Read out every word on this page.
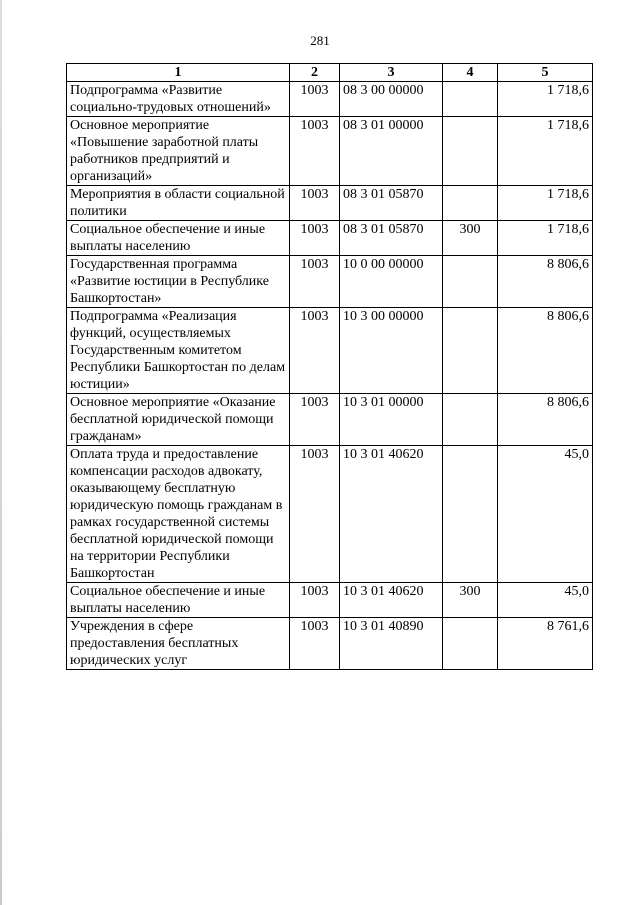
281
1	2	3	4	5
Подпрограмма «Развитие социально-трудовых отношений»	1003	08 3 00 00000		1 718,6
Основное мероприятие «Повышение заработной платы работников предприятий и организаций»	1003	08 3 01 00000		1 718,6
Мероприятия в области социальной политики	1003	08 3 01 05870		1 718,6
Социальное обеспечение и иные выплаты населению	1003	08 3 01 05870	300	1 718,6
Государственная программа «Развитие юстиции в Республике Башкортостан»	1003	10 0 00 00000		8 806,6
Подпрограмма «Реализация функций, осуществляемых Государственным комитетом Республики Башкортостан по делам юстиции»	1003	10 3 00 00000		8 806,6
Основное мероприятие «Оказание бесплатной юридической помощи гражданам»	1003	10 3 01 00000		8 806,6
Оплата труда и предоставление компенсации расходов адвокату, оказывающему бесплатную юридическую помощь гражданам в рамках государственной системы бесплатной юридической помощи на территории Республики Башкортостан	1003	10 3 01 40620		45,0
Социальное обеспечение и иные выплаты населению	1003	10 3 01 40620	300	45,0
Учреждения в сфере предоставления бесплатных юридических услуг	1003	10 3 01 40890		8 761,6
